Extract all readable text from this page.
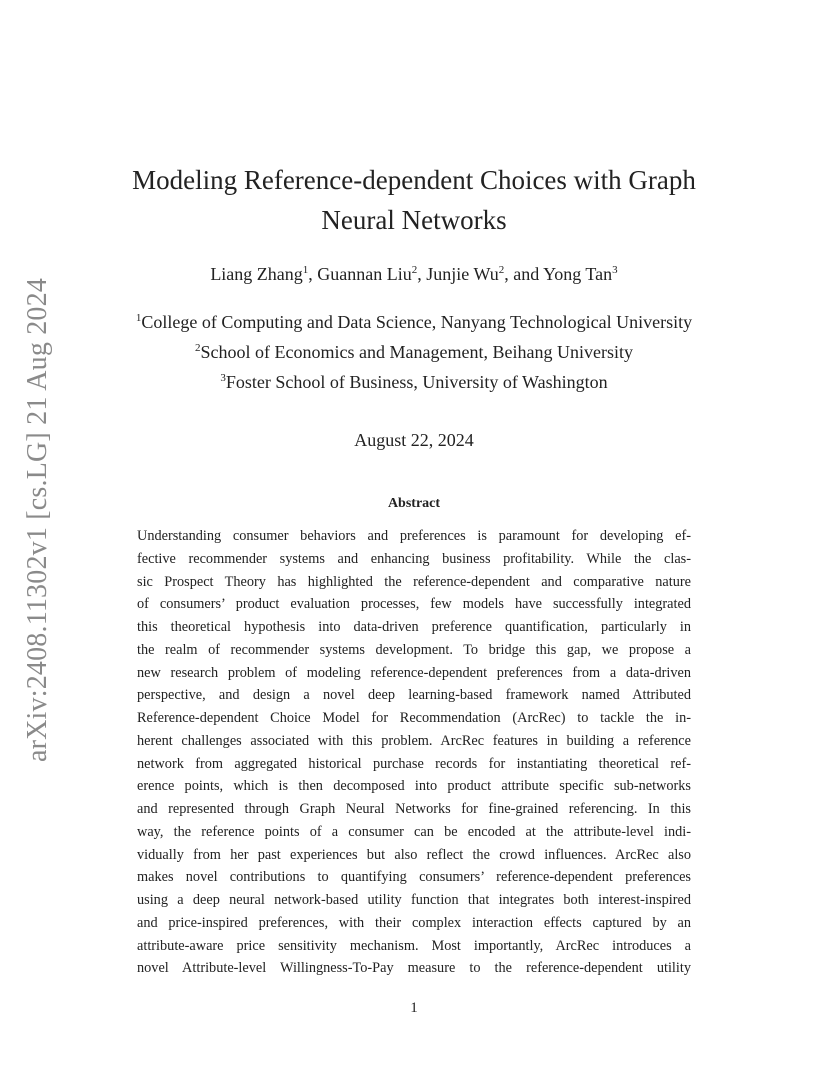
arXiv:2408.11302v1 [cs.LG] 21 Aug 2024
Modeling Reference-dependent Choices with Graph
Neural Networks
Liang Zhang$^1$, Guannan Liu$^2$, Junjie Wu$^2$, and Yong Tan$^3$
$^1$College of Computing and Data Science, Nanyang Technological University
$^2$School of Economics and Management, Beihang University
$^3$Foster School of Business, University of Washington
August 22, 2024
Abstract
Understanding consumer behaviors and preferences is paramount for developing ef-
fective recommender systems and enhancing business profitability. While the clas-
sic Prospect Theory has highlighted the reference-dependent and comparative nature
of consumers’ product evaluation processes, few models have successfully integrated
this theoretical hypothesis into data-driven preference quantification, particularly in
the realm of recommender systems development. To bridge this gap, we propose a
new research problem of modeling reference-dependent preferences from a data-driven
perspective, and design a novel deep learning-based framework named Attributed
Reference-dependent Choice Model for Recommendation (ArcRec) to tackle the in-
herent challenges associated with this problem. ArcRec features in building a reference
network from aggregated historical purchase records for instantiating theoretical ref-
erence points, which is then decomposed into product attribute specific sub-networks
and represented through Graph Neural Networks for fine-grained referencing. In this
way, the reference points of a consumer can be encoded at the attribute-level indi-
vidually from her past experiences but also reflect the crowd influences. ArcRec also
makes novel contributions to quantifying consumers’ reference-dependent preferences
using a deep neural network-based utility function that integrates both interest-inspired
and price-inspired preferences, with their complex interaction effects captured by an
attribute-aware price sensitivity mechanism. Most importantly, ArcRec introduces a
novel Attribute-level Willingness-To-Pay measure to the reference-dependent utility
1
